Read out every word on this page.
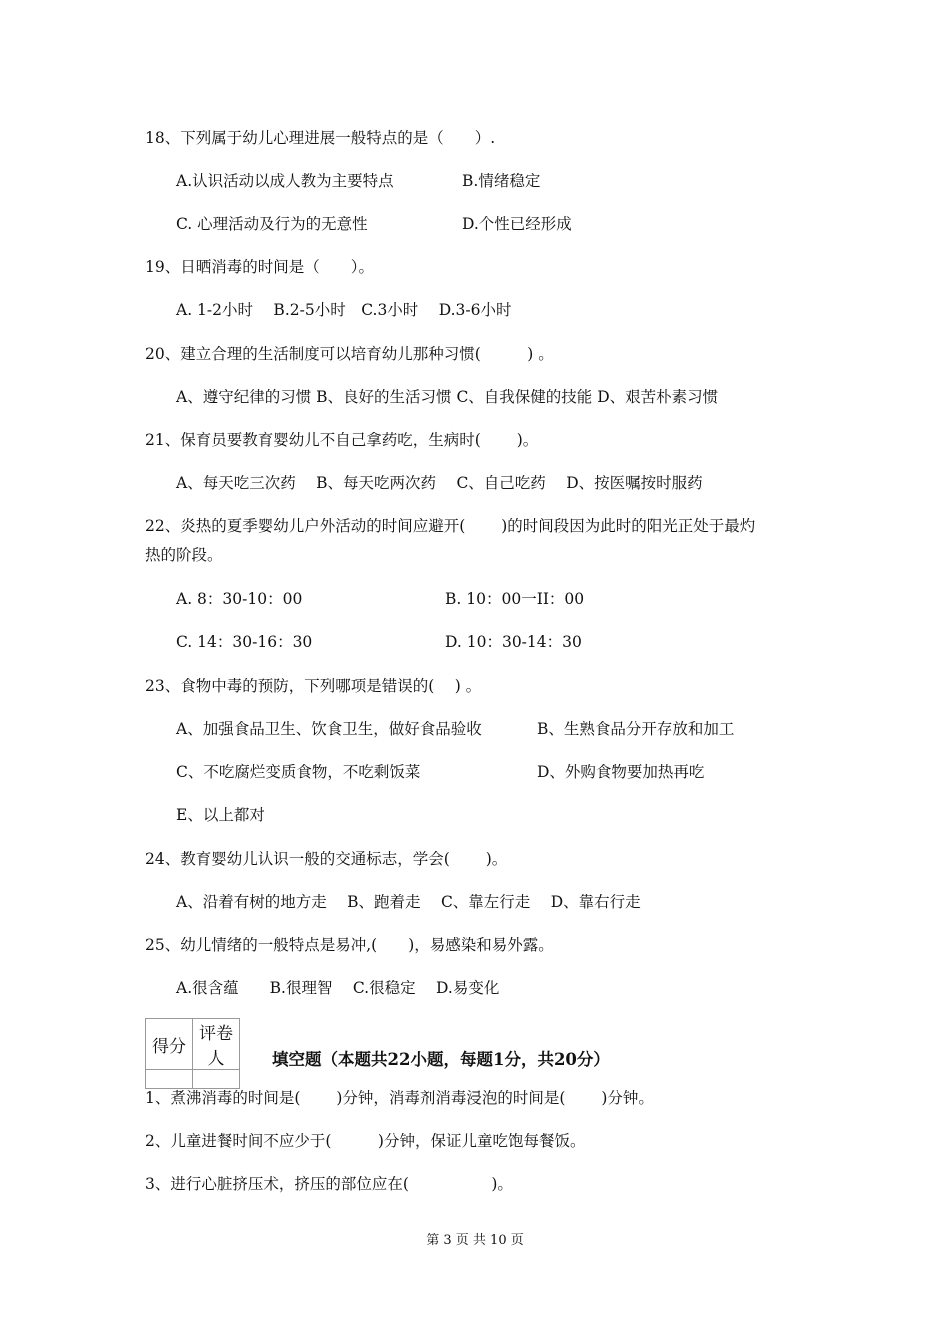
18、下列属于幼儿心理进展一般特点的是（　　）.
A.认识活动以成人教为主要特点	B.情绪稳定
C. 心理活动及行为的无意性	D.个性已经形成
19、日晒消毒的时间是（　　）。
A. 1-2小时　 B.2-5小时　C.3小时　 D.3-6小时
20、建立合理的生活制度可以培育幼儿那种习惯(　　　) 。
A、遵守纪律的习惯 B、良好的生活习惯 C、自我保健的技能 D、艰苦朴素习惯
21、保育员要教育婴幼儿不自己拿药吃，生病时(　　 )。
A、每天吃三次药　 B、每天吃两次药　 C、自己吃药　 D、按医嘱按时服药
22、炎热的夏季婴幼儿户外活动的时间应避开(　　 )的时间段因为此时的阳光正处于最灼
热的阶段。
A. 8：30-10：00	B. 10：00一II：00
C. 14：30-16：30	D. 10：30-14：30
23、食物中毒的预防，下列哪项是错误的(　 ) 。
A、加强食品卫生、饮食卫生，做好食品验收	B、生熟食品分开存放和加工
C、不吃腐烂变质食物，不吃剩饭菜	D、外购食物要加热再吃
E、以上都对
24、教育婴幼儿认识一般的交通标志，学会(　　 )。
A、沿着有树的地方走　 B、跑着走　 C、靠左行走　 D、靠右行走
25、幼儿情绪的一般特点是易冲,(　　)，易感染和易外露。
A.很含蕴　　B.很理智　 C.很稳定　 D.易变化
得分	评卷人
		填空题（本题共22小题，每题1分，共20分）
1、煮沸消毒的时间是(　　 )分钟，消毒剂消毒浸泡的时间是(　　 )分钟。
2、儿童进餐时间不应少于(　　　)分钟，保证儿童吃饱每餐饭。
3、进行心脏挤压术，挤压的部位应在(　　　　　 )。
第 3 页 共 10 页
